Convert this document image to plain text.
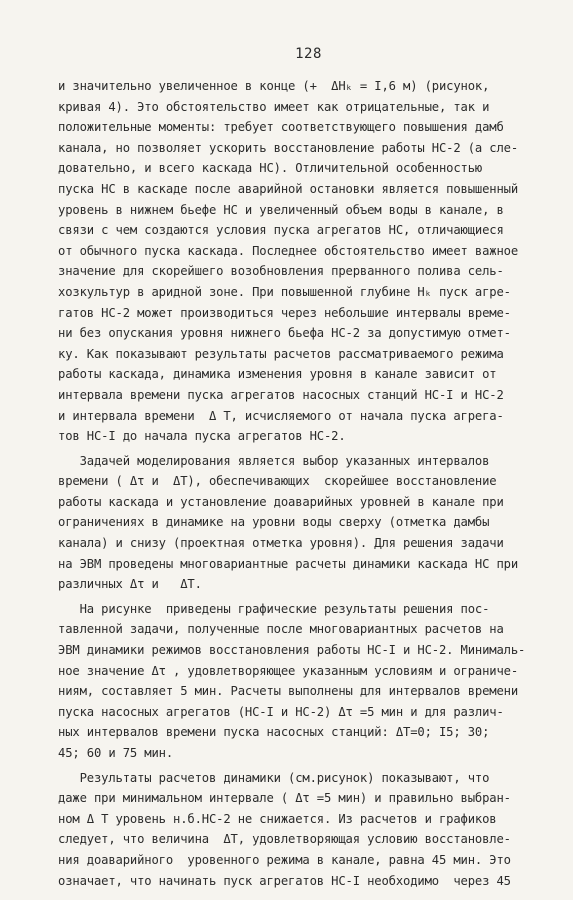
128
и значительно увеличенное в конце (+  ΔHₖ = I,6 м) (рисунок,
кривая 4). Это обстоятельство имеет как отрицательные, так и
положительные моменты: требует соответствующего повышения дамб
канала, но позволяет ускорить восстановление работы НС-2 (а сле-
довательно, и всего каскада НС). Отличительной особенностью
пуска НС в каскаде после аварийной остановки является повышенный
уровень в нижнем бьефе НС и увеличенный объем воды в канале, в
связи с чем создаются условия пуска агрегатов НС, отличающиеся
от обычного пуска каскада. Последнее обстоятельство имеет важное
значение для скорейшего возобновления прерванного полива сель-
хозкультур в аридной зоне. При повышенной глубине Hₖ пуск агре-
гатов НС-2 может производиться через небольшие интервалы време-
ни без опускания уровня нижнего бьефа НС-2 за допустимую отмет-
ку. Как показывают результаты расчетов рассматриваемого режима
работы каскада, динамика изменения уровня в канале зависит от
интервала времени пуска агрегатов насосных станций НС-I и НС-2
и интервала времени  Δ T, исчисляемого от начала пуска агрега-
тов НС-I до начала пуска агрегатов НС-2.
Задачей моделирования является выбор указанных интервалов
времени ( Δτ и  ΔT), обеспечивающих  скорейшее восстановление
работы каскада и установление доаварийных уровней в канале при
ограничениях в динамике на уровни воды сверху (отметка дамбы
канала) и снизу (проектная отметка уровня). Для решения задачи
на ЭВМ проведены многовариантные расчеты динамики каскада НС при
различных Δτ и   ΔT.
На рисунке  приведены графические результаты решения пос-
тавленной задачи, полученные после многовариантных расчетов на
ЭВМ динамики режимов восстановления работы НС-I и НС-2. Минималь-
ное значение Δτ , удовлетворяющее указанным условиям и ограниче-
ниям, составляет 5 мин. Расчеты выполнены для интервалов времени
пуска насосных агрегатов (НС-I и НС-2) Δτ =5 мин и для различ-
ных интервалов времени пуска насосных станций: ΔT=0; I5; 30;
45; 60 и 75 мин.
Результаты расчетов динамики (см.рисунок) показывают, что
даже при минимальном интервале ( Δτ =5 мин) и правильно выбран-
ном Δ T уровень н.б.НС-2 не снижается. Из расчетов и графиков
следует, что величина  ΔT, удовлетворяющая условию восстановле-
ния доаварийного  уровенного режима в канале, равна 45 мин. Это
означает, что начинать пуск агрегатов НС-I необходимо  через 45
